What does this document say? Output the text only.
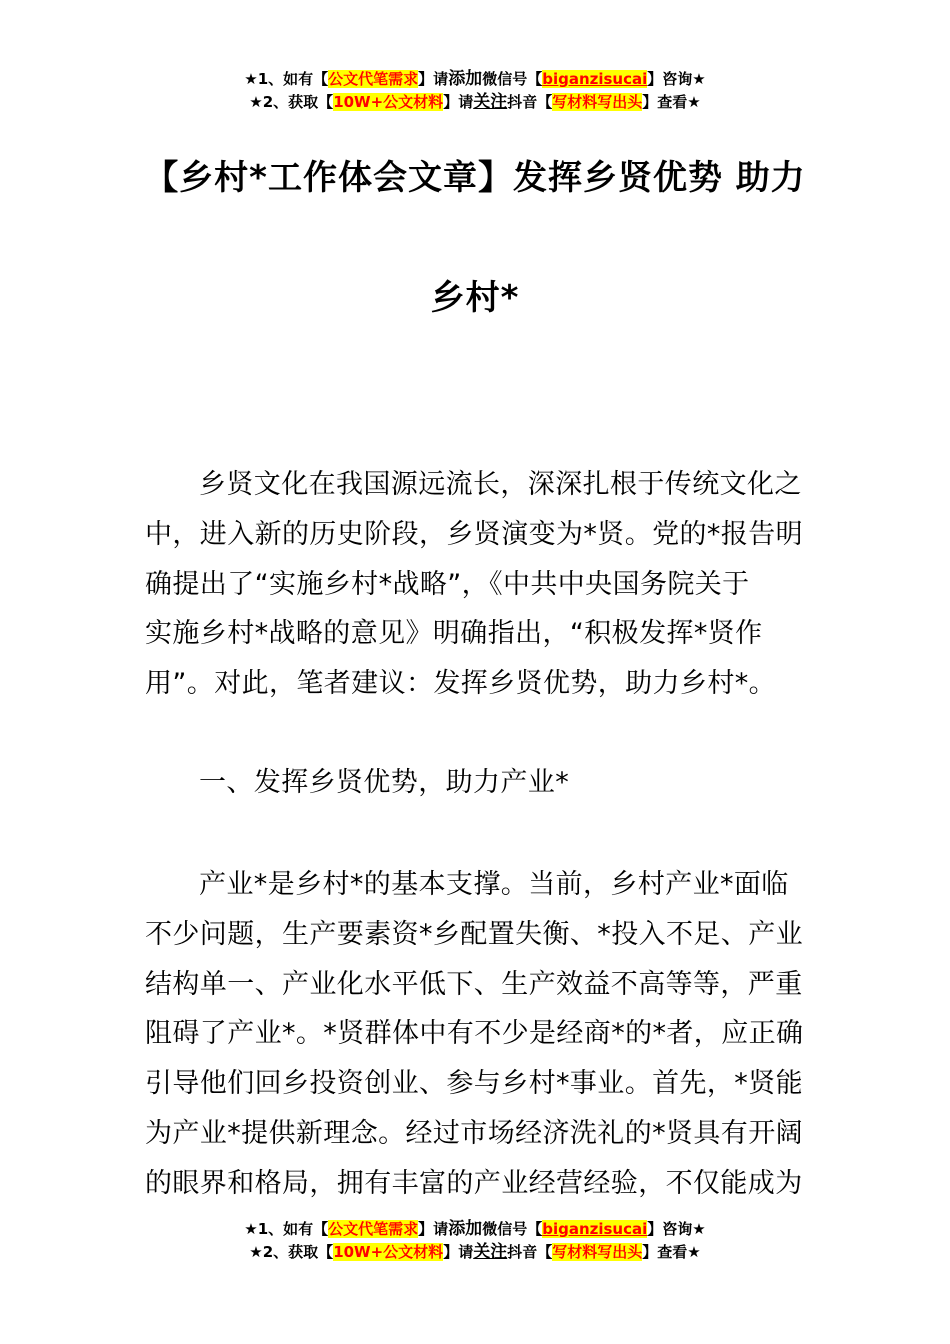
★1、如有【公文代笔需求】请添加微信号【biganzisucai】咨询★
★2、获取【10W+公文材料】请关注抖音【写材料写出头】查看★
【乡村*工作体会文章】发挥乡贤优势 助力
乡村*
乡贤文化在我国源远流长，深深扎根于传统文化之
中，进入新的历史阶段，乡贤演变为*贤。党的*报告明
确提出了“实施乡村*战略”，《中共中央国务院关于
实施乡村*战略的意见》明确指出，“积极发挥*贤作
用”。对此，笔者建议：发挥乡贤优势，助力乡村*。
一、发挥乡贤优势，助力产业*
产业*是乡村*的基本支撑。当前，乡村产业*面临
不少问题，生产要素资*乡配置失衡、*投入不足、产业
结构单一、产业化水平低下、生产效益不高等等，严重
阻碍了产业*。*贤群体中有不少是经商*的*者，应正确
引导他们回乡投资创业、参与乡村*事业。首先，*贤能
为产业*提供新理念。经过市场经济洗礼的*贤具有开阔
的眼界和格局，拥有丰富的产业经营经验，不仅能成为
★1、如有【公文代笔需求】请添加微信号【biganzisucai】咨询★
★2、获取【10W+公文材料】请关注抖音【写材料写出头】查看★
